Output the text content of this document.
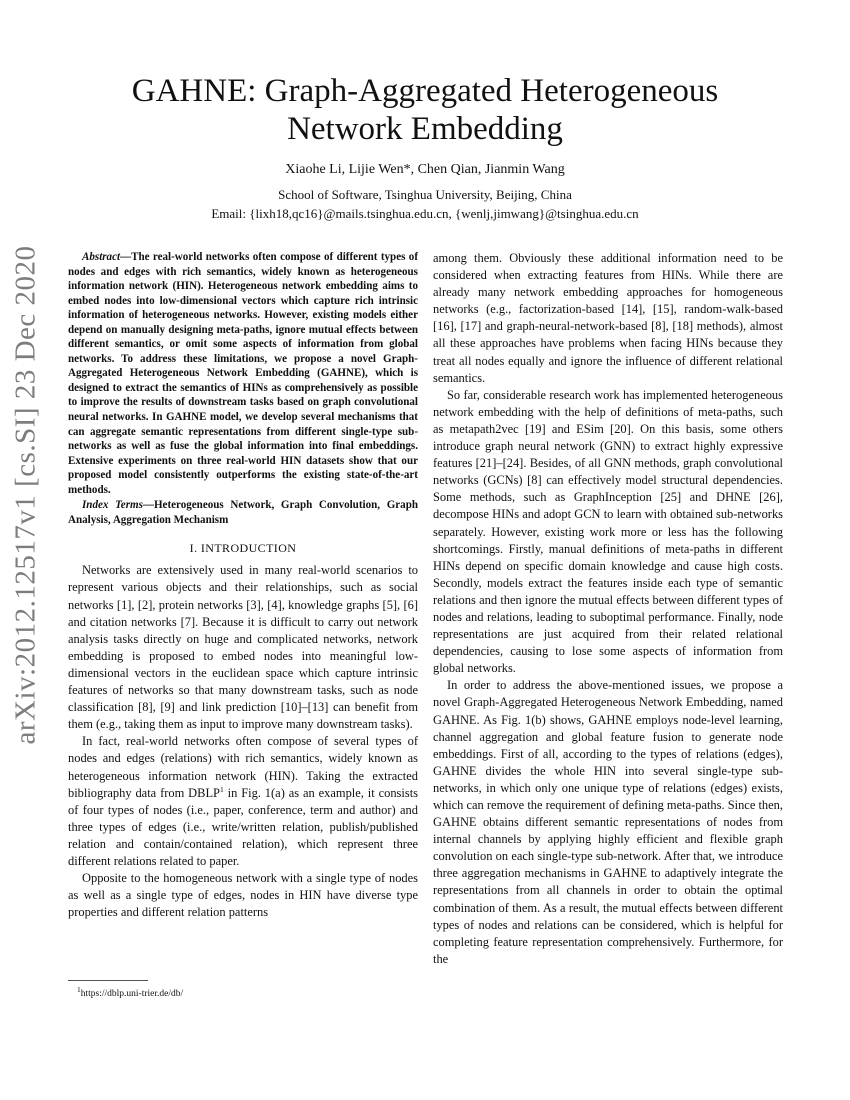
arXiv:2012.12517v1 [cs.SI] 23 Dec 2020
GAHNE: Graph-Aggregated Heterogeneous Network Embedding
Xiaohe Li, Lijie Wen*, Chen Qian, Jianmin Wang
School of Software, Tsinghua University, Beijing, China
Email: {lixh18,qc16}@mails.tsinghua.edu.cn, {wenlj,jimwang}@tsinghua.edu.cn

Abstract—The real-world networks often compose of different types of nodes and edges with rich semantics, widely known as heterogeneous information network (HIN). Heterogeneous network embedding aims to embed nodes into low-dimensional vectors which capture rich intrinsic information of heterogeneous networks. However, existing models either depend on manually designing meta-paths, ignore mutual effects between different semantics, or omit some aspects of information from global networks. To address these limitations, we propose a novel Graph-Aggregated Heterogeneous Network Embedding (GAHNE), which is designed to extract the semantics of HINs as comprehensively as possible to improve the results of downstream tasks based on graph convolutional neural networks. In GAHNE model, we develop several mechanisms that can aggregate semantic representations from different single-type sub-networks as well as fuse the global information into final embeddings. Extensive experiments on three real-world HIN datasets show that our proposed model consistently outperforms the existing state-of-the-art methods.

Index Terms—Heterogeneous Network, Graph Convolution, Graph Analysis, Aggregation Mechanism

I. INTRODUCTION

Networks are extensively used in many real-world scenarios to represent various objects and their relationships, such as social networks [1], [2], protein networks [3], [4], knowledge graphs [5], [6] and citation networks [7]. Because it is difficult to carry out network analysis tasks directly on huge and complicated networks, network embedding is proposed to embed nodes into meaningful low-dimensional vectors in the euclidean space which capture intrinsic features of networks so that many downstream tasks, such as node classification [8], [9] and link prediction [10]–[13] can benefit from them (e.g., taking them as input to improve many downstream tasks).

In fact, real-world networks often compose of several types of nodes and edges (relations) with rich semantics, widely known as heterogeneous information network (HIN). Taking the extracted bibliography data from DBLP$^1$ in Fig. 1(a) as an example, it consists of four types of nodes (i.e., paper, conference, term and author) and three types of edges (i.e., write/written relation, publish/published relation and contain/contained relation), which represent three different relations related to paper.

Opposite to the homogeneous network with a single type of nodes as well as a single type of edges, nodes in HIN have diverse type properties and different relation patterns

$^1$https://dblp.uni-trier.de/db/

among them. Obviously these additional information need to be considered when extracting features from HINs. While there are already many network embedding approaches for homogeneous networks (e.g., factorization-based [14], [15], random-walk-based [16], [17] and graph-neural-network-based [8], [18] methods), almost all these approaches have problems when facing HINs because they treat all nodes equally and ignore the influence of different relational semantics.

So far, considerable research work has implemented heterogeneous network embedding with the help of definitions of meta-paths, such as metapath2vec [19] and ESim [20]. On this basis, some others introduce graph neural network (GNN) to extract highly expressive features [21]–[24]. Besides, of all GNN methods, graph convolutional networks (GCNs) [8] can effectively model structural dependencies. Some methods, such as GraphInception [25] and DHNE [26], decompose HINs and adopt GCN to learn with obtained sub-networks separately. However, existing work more or less has the following shortcomings. Firstly, manual definitions of meta-paths in different HINs depend on specific domain knowledge and cause high costs. Secondly, models extract the features inside each type of semantic relations and then ignore the mutual effects between different types of nodes and relations, leading to suboptimal performance. Finally, node representations are just acquired from their related relational dependencies, causing to lose some aspects of information from global networks.

In order to address the above-mentioned issues, we propose a novel Graph-Aggregated Heterogeneous Network Embedding, named GAHNE. As Fig. 1(b) shows, GAHNE employs node-level learning, channel aggregation and global feature fusion to generate node embeddings. First of all, according to the types of relations (edges), GAHNE divides the whole HIN into several single-type sub-networks, in which only one unique type of relations (edges) exists, which can remove the requirement of defining meta-paths. Since then, GAHNE obtains different semantic representations of nodes from internal channels by applying highly efficient and flexible graph convolution on each single-type sub-network. After that, we introduce three aggregation mechanisms in GAHNE to adaptively integrate the representations from all channels in order to obtain the optimal combination of them. As a result, the mutual effects between different types of nodes and relations can be considered, which is helpful for completing feature representation comprehensively. Furthermore, for the
